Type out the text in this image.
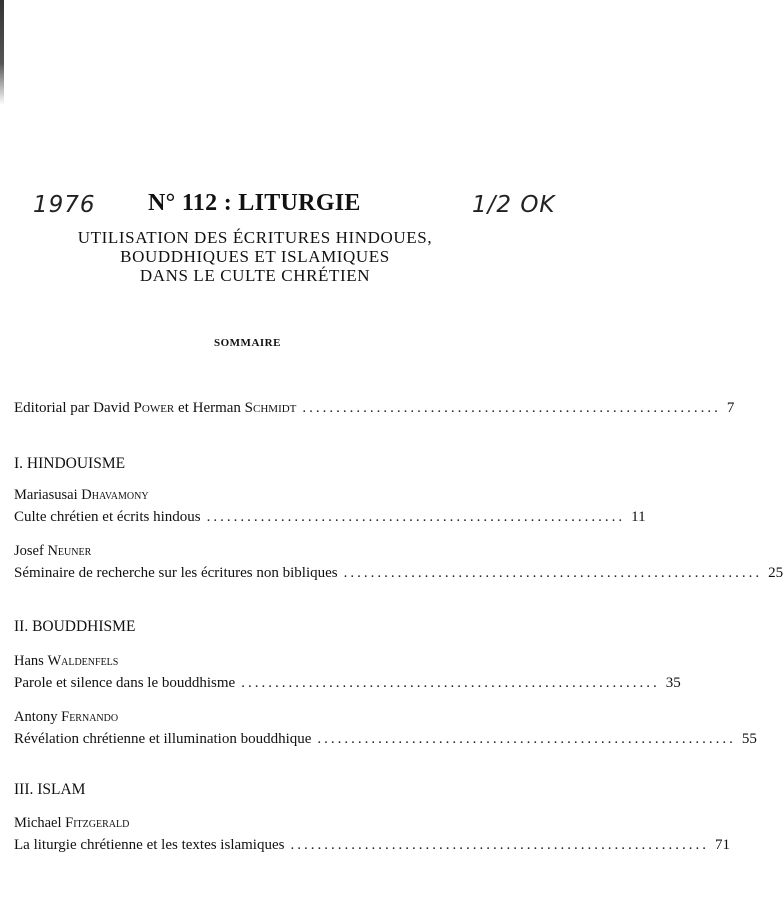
1976	1/2 OK
N° 112 : LITURGIE
UTILISATION DES ÉCRITURES HINDOUES,
BOUDDHIQUES ET ISLAMIQUES
DANS LE CULTE CHRÉTIEN
SOMMAIRE
Editorial par David Power et Herman Schmidt .............................................................. 7
I. HINDOUISME
Mariasusai Dhavamony
Culte chrétien et écrits hindous .............................................................. 11
Josef Neuner
Séminaire de recherche sur les écritures non bibliques .............................................................. 25
II. BOUDDHISME
Hans Waldenfels
Parole et silence dans le bouddhisme .............................................................. 35
Antony Fernando
Révélation chrétienne et illumination bouddhique .............................................................. 55
III. ISLAM
Michael Fitzgerald
La liturgie chrétienne et les textes islamiques .............................................................. 71
